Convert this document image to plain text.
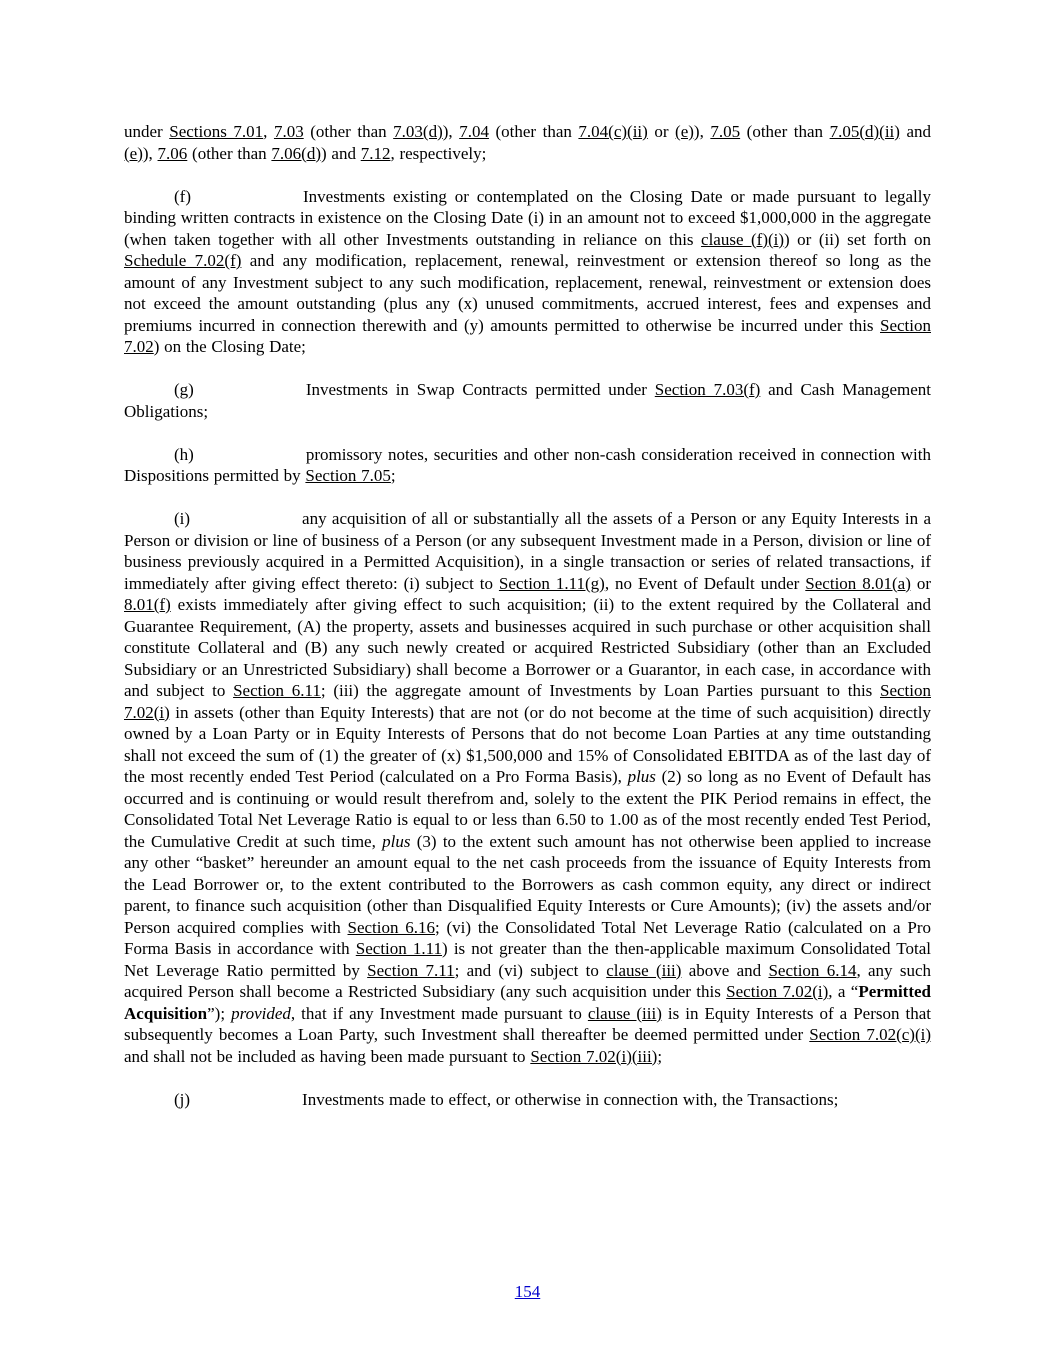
under Sections 7.01, 7.03 (other than 7.03(d)), 7.04 (other than 7.04(c)(ii) or (e)), 7.05 (other than 7.05(d)(ii) and (e)), 7.06 (other than 7.06(d)) and 7.12, respectively;

(f)	Investments existing or contemplated on the Closing Date or made pursuant to legally binding written contracts in existence on the Closing Date (i) in an amount not to exceed $1,000,000 in the aggregate (when taken together with all other Investments outstanding in reliance on this clause (f)(i)) or (ii) set forth on Schedule 7.02(f) and any modification, replacement, renewal, reinvestment or extension thereof so long as the amount of any Investment subject to any such modification, replacement, renewal, reinvestment or extension does not exceed the amount outstanding (plus any (x) unused commitments, accrued interest, fees and expenses and premiums incurred in connection therewith and (y) amounts permitted to otherwise be incurred under this Section 7.02) on the Closing Date;

(g)	Investments in Swap Contracts permitted under Section 7.03(f) and Cash Management Obligations;

(h)	promissory notes, securities and other non-cash consideration received in connection with Dispositions permitted by Section 7.05;

(i)	any acquisition of all or substantially all the assets of a Person or any Equity Interests in a Person or division or line of business of a Person (or any subsequent Investment made in a Person, division or line of business previously acquired in a Permitted Acquisition), in a single transaction or series of related transactions, if immediately after giving effect thereto: (i) subject to Section 1.11(g), no Event of Default under Section 8.01(a) or 8.01(f) exists immediately after giving effect to such acquisition; (ii) to the extent required by the Collateral and Guarantee Requirement, (A) the property, assets and businesses acquired in such purchase or other acquisition shall constitute Collateral and (B) any such newly created or acquired Restricted Subsidiary (other than an Excluded Subsidiary or an Unrestricted Subsidiary) shall become a Borrower or a Guarantor, in each case, in accordance with and subject to Section 6.11; (iii) the aggregate amount of Investments by Loan Parties pursuant to this Section 7.02(i) in assets (other than Equity Interests) that are not (or do not become at the time of such acquisition) directly owned by a Loan Party or in Equity Interests of Persons that do not become Loan Parties at any time outstanding shall not exceed the sum of (1) the greater of (x) $1,500,000 and 15% of Consolidated EBITDA as of the last day of the most recently ended Test Period (calculated on a Pro Forma Basis), plus (2) so long as no Event of Default has occurred and is continuing or would result therefrom and, solely to the extent the PIK Period remains in effect, the Consolidated Total Net Leverage Ratio is equal to or less than 6.50 to 1.00 as of the most recently ended Test Period, the Cumulative Credit at such time, plus (3) to the extent such amount has not otherwise been applied to increase any other “basket” hereunder an amount equal to the net cash proceeds from the issuance of Equity Interests from the Lead Borrower or, to the extent contributed to the Borrowers as cash common equity, any direct or indirect parent, to finance such acquisition (other than Disqualified Equity Interests or Cure Amounts); (iv) the assets and/or Person acquired complies with Section 6.16; (vi) the Consolidated Total Net Leverage Ratio (calculated on a Pro Forma Basis in accordance with Section 1.11) is not greater than the then-applicable maximum Consolidated Total Net Leverage Ratio permitted by Section 7.11; and (vi) subject to clause (iii) above and Section 6.14, any such acquired Person shall become a Restricted Subsidiary (any such acquisition under this Section 7.02(i), a “Permitted Acquisition”); provided, that if any Investment made pursuant to clause (iii) is in Equity Interests of a Person that subsequently becomes a Loan Party, such Investment shall thereafter be deemed permitted under Section 7.02(c)(i) and shall not be included as having been made pursuant to Section 7.02(i)(iii);

(j)	Investments made to effect, or otherwise in connection with, the Transactions;

154
